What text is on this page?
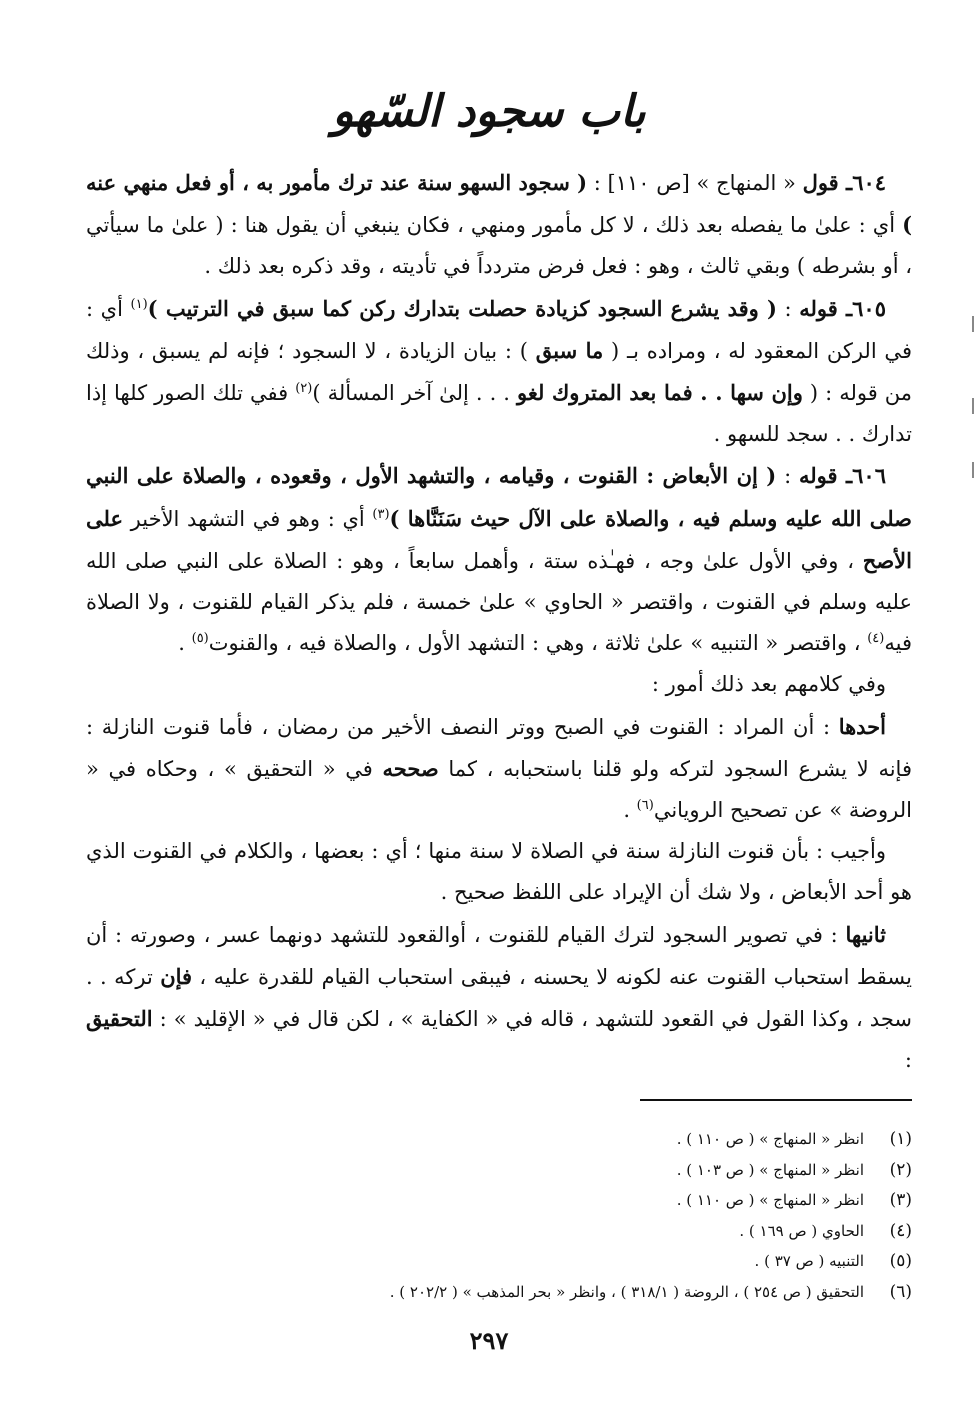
باب سجود السّهو

٦٠٤ـ قول « المنهاج » [ص ١١٠] : ( سجود السهو سنة عند ترك مأمور به ، أو فعل منهي عنه ) أي : علىٰ ما يفصله بعد ذلك ، لا كل مأمور ومنهي ، فكان ينبغي أن يقول هنا : ( علىٰ ما سيأتي ، أو بشرطه ) وبقي ثالث ، وهو : فعل فرض متردداً في تأديته ، وقد ذكره بعد ذلك .

٦٠٥ـ قوله : ( وقد يشرع السجود كزيادة حصلت بتدارك ركن كما سبق في الترتيب )$^{(١)}$ أي : في الركن المعقود له ، ومراده بـ ( ما سبق ) : بيان الزيادة ، لا السجود ؛ فإنه لم يسبق ، وذلك من قوله : ( وإن سها . . فما بعد المتروك لغو . . . إلىٰ آخر المسألة )$^{(٢)}$ ففي تلك الصور كلها إذا تدارك . . سجد للسهو .

٦٠٦ـ قوله : ( إن الأبعاض : القنوت ، وقيامه ، والتشهد الأول ، وقعوده ، والصلاة على النبي صلى الله عليه وسلم فيه ، والصلاة على الآل حيث سَنَنَّاها )$^{(٣)}$ أي : وهو في التشهد الأخير على الأصح ، وفي الأول علىٰ وجه ، فهـٰذه ستة ، وأهمل سابعاً ، وهو : الصلاة على النبي صلى الله عليه وسلم في القنوت ، واقتصر « الحاوي » علىٰ خمسة ، فلم يذكر القيام للقنوت ، ولا الصلاة فيه$^{(٤)}$ ، واقتصر « التنبيه » علىٰ ثلاثة ، وهي : التشهد الأول ، والصلاة فيه ، والقنوت$^{(٥)}$ .

وفي كلامهم بعد ذلك أمور :

أحدها : أن المراد : القنوت في الصبح ووتر النصف الأخير من رمضان ، فأما قنوت النازلة : فإنه لا يشرع السجود لتركه ولو قلنا باستحبابه ، كما صححه في « التحقيق » ، وحكاه في « الروضة » عن تصحيح الروياني$^{(٦)}$ .

وأجيب : بأن قنوت النازلة سنة في الصلاة لا سنة منها ؛ أي : بعضها ، والكلام في القنوت الذي هو أحد الأبعاض ، ولا شك أن الإيراد على اللفظ صحيح .

ثانيها : في تصوير السجود لترك القيام للقنوت ، أوالقعود للتشهد دونهما عسر ، وصورته : أن يسقط استحباب القنوت عنه لكونه لا يحسنه ، فيبقى استحباب القيام للقدرة عليه ، فإن تركه . . سجد ، وكذا القول في القعود للتشهد ، قاله في « الكفاية » ، لكن قال في « الإقليد » : التحقيق :

(١)
انظر « المنهاج » ( ص ١١٠ ) .
(٢)
انظر « المنهاج » ( ص ١٠٣ ) .
(٣)
انظر « المنهاج » ( ص ١١٠ ) .
(٤)
الحاوي ( ص ١٦٩ ) .
(٥)
التنبيه ( ص ٣٧ ) .
(٦)
التحقيق ( ص ٢٥٤ ) ، الروضة ( ٣١٨/١ ) ، وانظر « بحر المذهب » ( ٢٠٢/٢ ) .
٢٩٧
